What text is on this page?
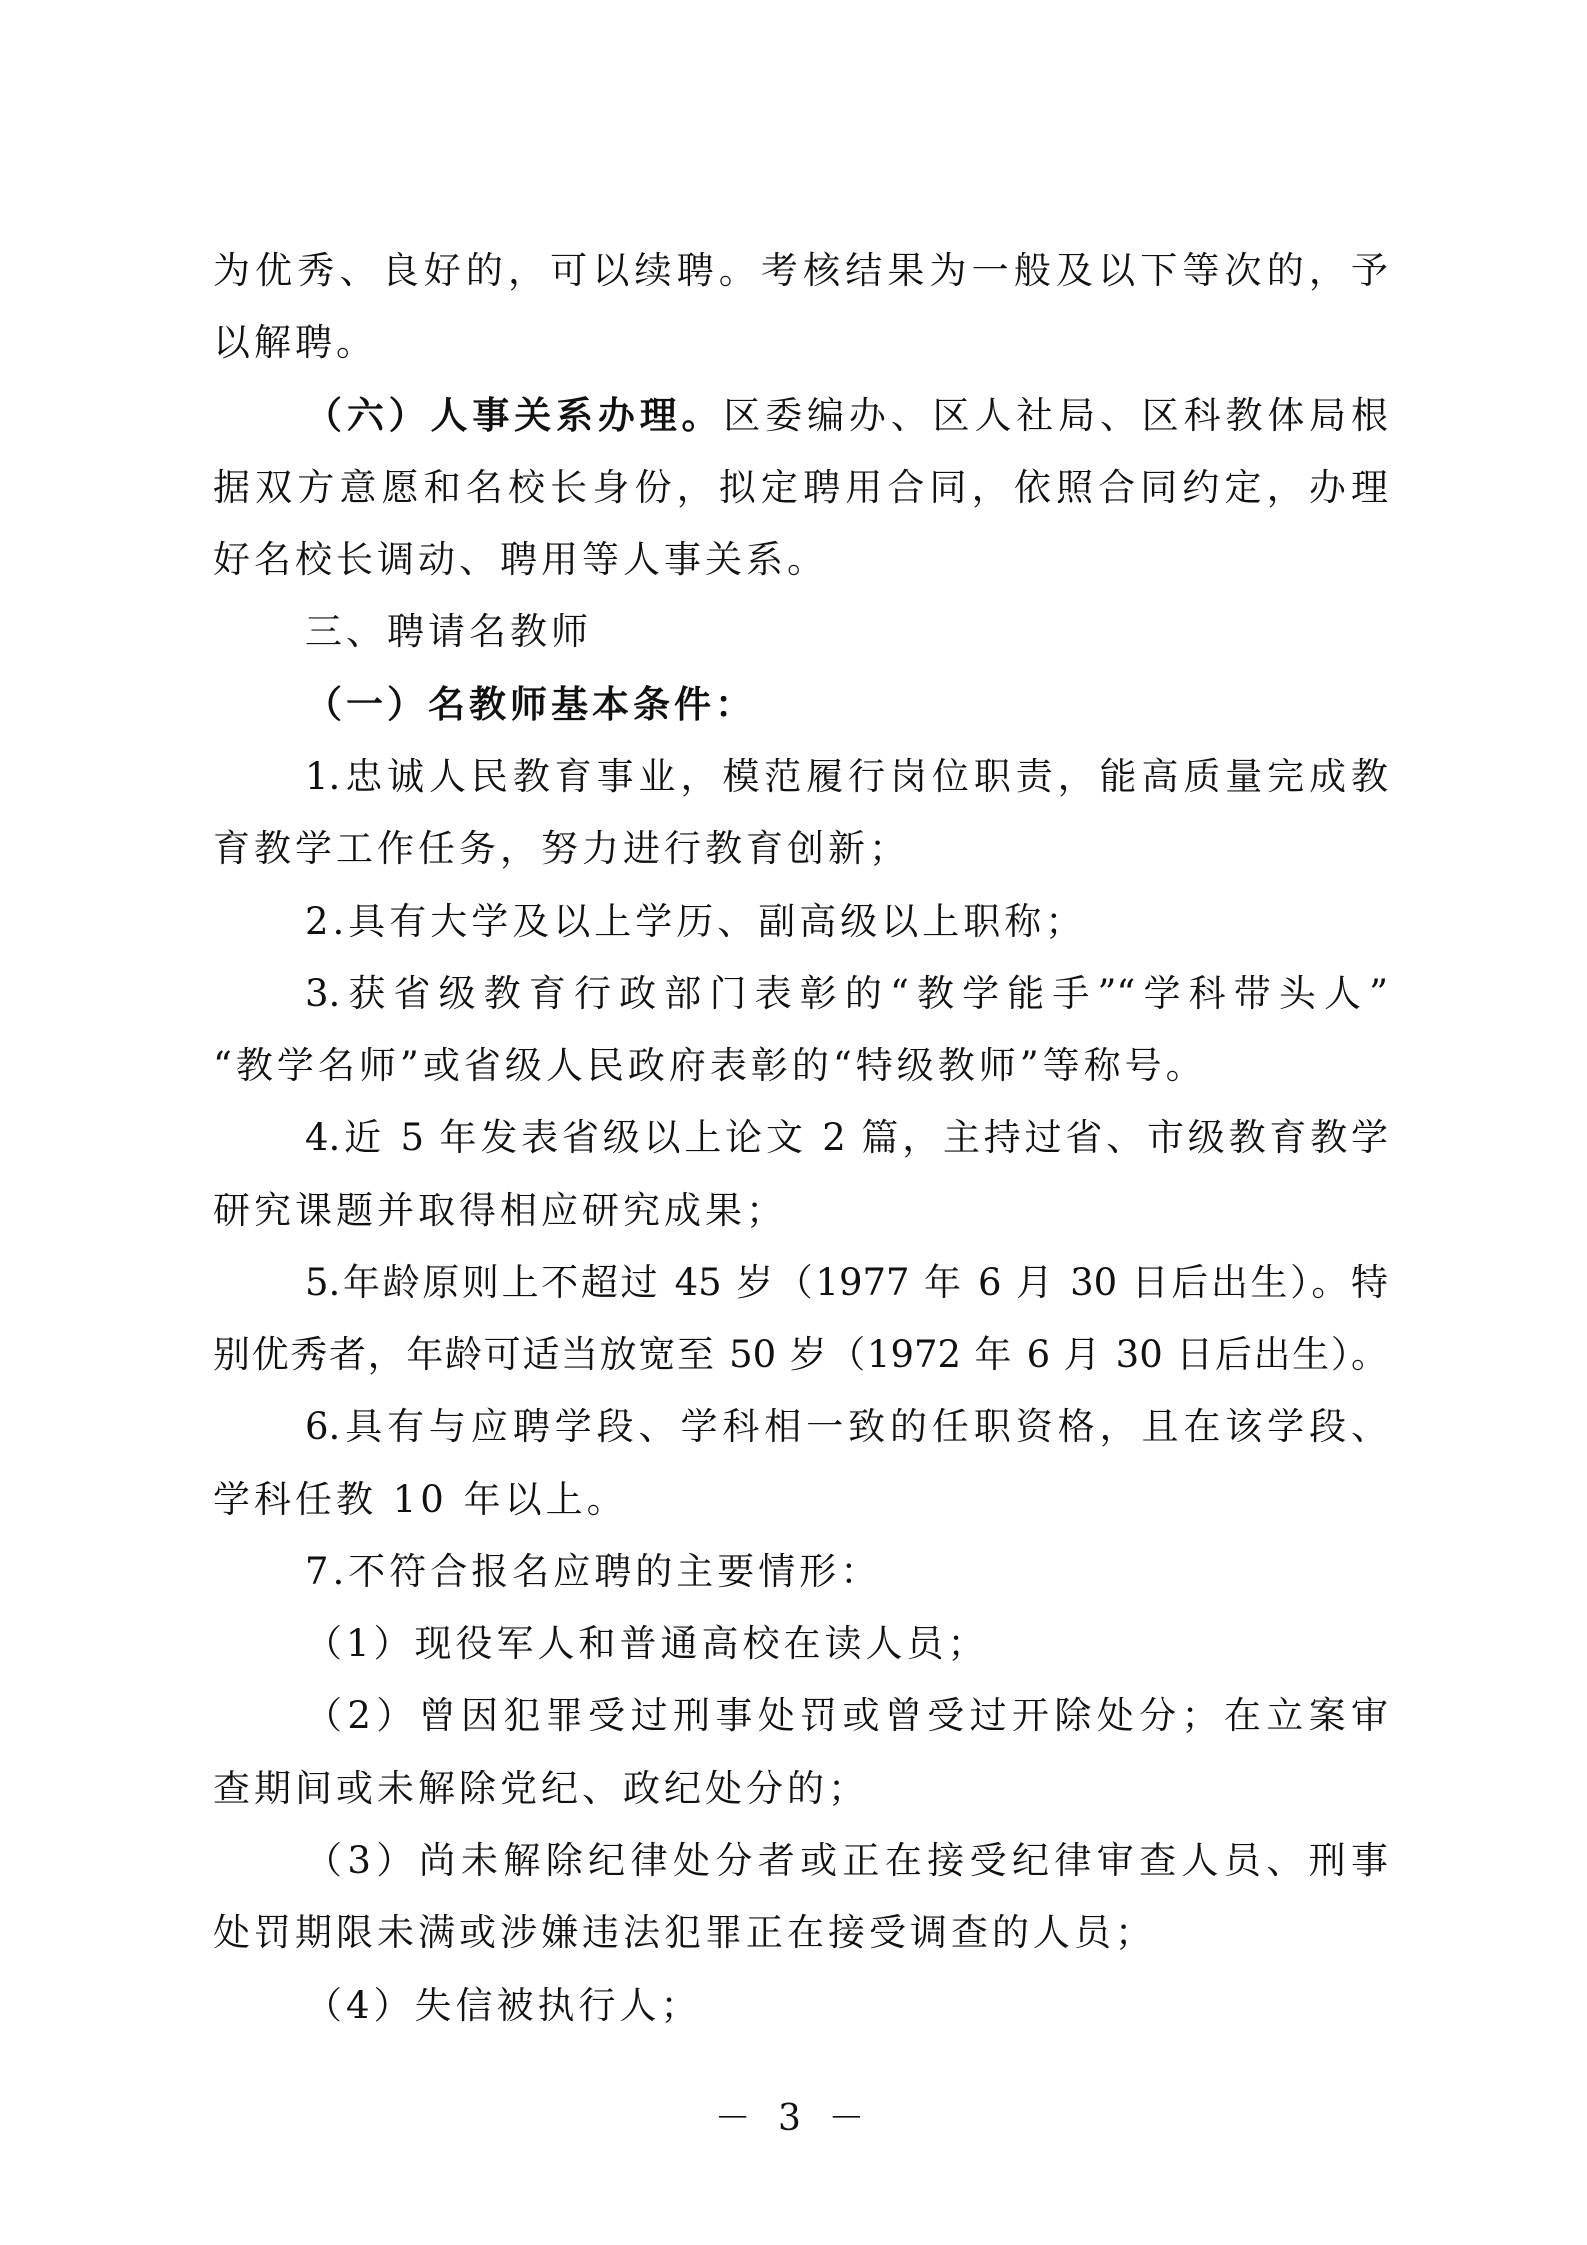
为优秀、良好的，可以续聘。考核结果为一般及以下等次的，予
以解聘。
（六）人事关系办理。区委编办、区人社局、区科教体局根
据双方意愿和名校长身份，拟定聘用合同，依照合同约定，办理
好名校长调动、聘用等人事关系。
三、聘请名教师
（一）名教师基本条件：
1.忠诚人民教育事业，模范履行岗位职责，能高质量完成教
育教学工作任务，努力进行教育创新；
2.具有大学及以上学历、副高级以上职称；
3.获省级教育行政部门表彰的“教学能手”“学科带头人”
“教学名师”或省级人民政府表彰的“特级教师”等称号。
4.近 5 年发表省级以上论文 2 篇，主持过省、市级教育教学
研究课题并取得相应研究成果；
5.年龄原则上不超过 45 岁（1977 年 6 月 30 日后出生）。特
别优秀者，年龄可适当放宽至 50 岁（1972 年 6 月 30 日后出生）。
6.具有与应聘学段、学科相一致的任职资格，且在该学段、
学科任教 10 年以上。
7.不符合报名应聘的主要情形：
（1）现役军人和普通高校在读人员；
（2）曾因犯罪受过刑事处罚或曾受过开除处分；在立案审
查期间或未解除党纪、政纪处分的；
（3）尚未解除纪律处分者或正在接受纪律审查人员、刑事
处罚期限未满或涉嫌违法犯罪正在接受调查的人员；
（4）失信被执行人；
－ 3 －
